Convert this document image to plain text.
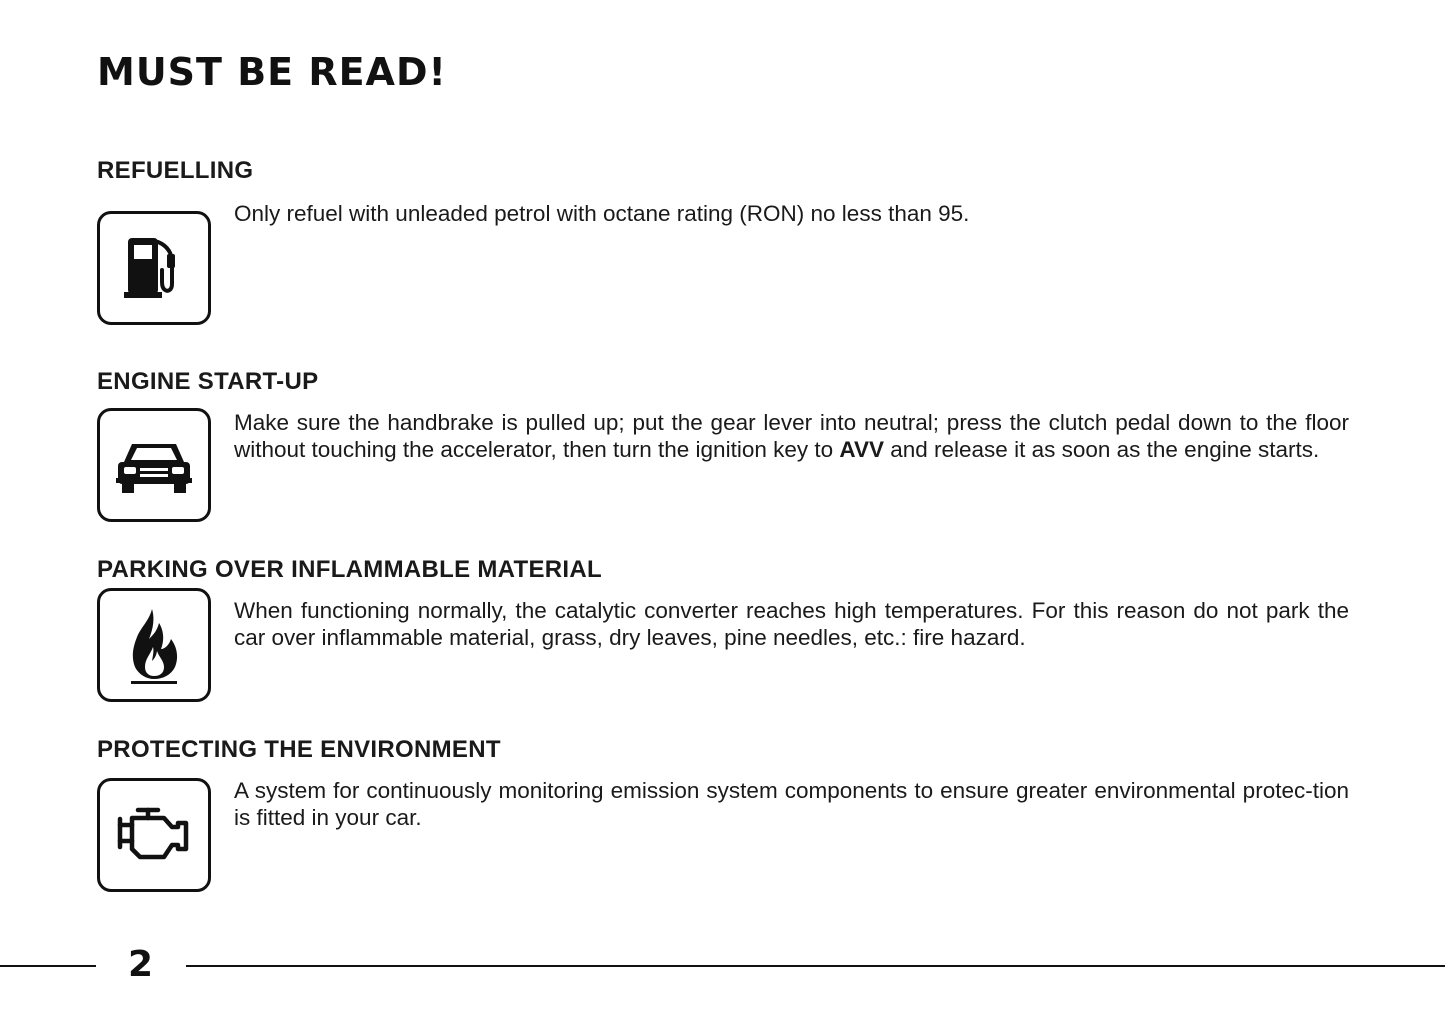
MUST BE READ!
REFUELLING

Only refuel with unleaded petrol with octane rating (RON) no less than 95.

ENGINE START-UP

Make sure the handbrake is pulled up; put the gear lever into neutral; press the clutch pedal down to the floor without touching the accelerator, then turn the ignition key to AVV and release it as soon as the engine starts.

PARKING OVER INFLAMMABLE MATERIAL

When functioning normally, the catalytic converter reaches high temperatures. For this reason do not park the car over inflammable material, grass, dry leaves, pine needles, etc.: fire hazard.

PROTECTING THE ENVIRONMENT

A system for continuously monitoring emission system components to ensure greater environmental protec-tion is fitted in your car.

2
